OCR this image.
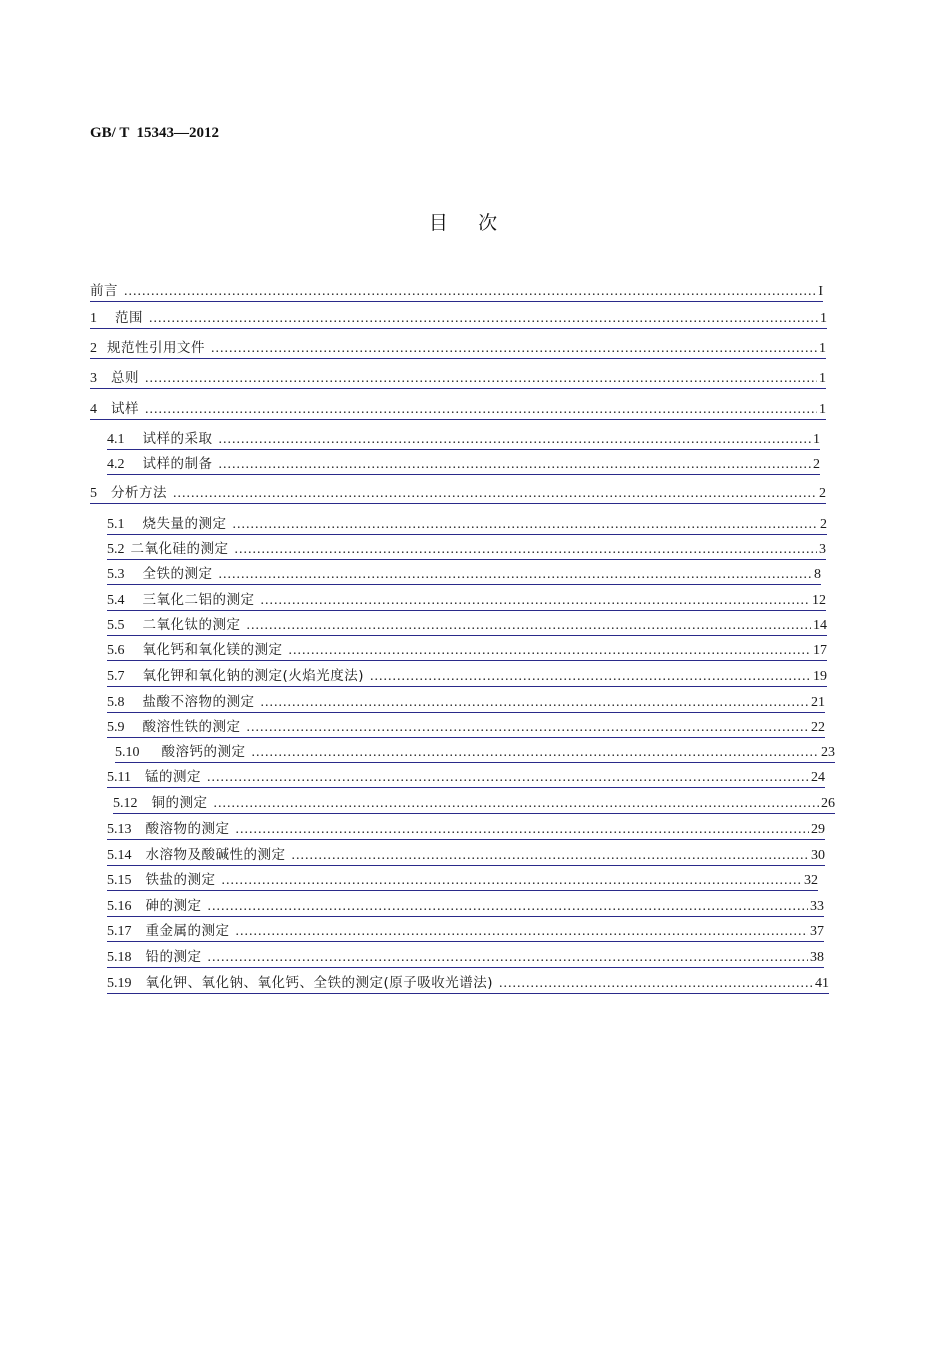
GB/ T  15343—2012
目     次
前言 .....	I
1 范围 .....	1
2 规范性引用文件 .....	1
3 总则 .....	1
4 试样 .....	1
4.1 试样的采取 .....	1
4.2 试样的制备 .....	2
5 分析方法 .....	2
5.1 烧失量的测定 .....	2
5.2 二氧化硅的测定 .....	3
5.3 全铁的测定 .....	8
5.4 三氧化二铝的测定 .....	12
5.5 二氧化钛的测定 .....	14
5.6 氧化钙和氧化镁的测定 .....	17
5.7 氧化钾和氧化钠的测定(火焰光度法) .....	19
5.8 盐酸不溶物的测定 .....	21
5.9 酸溶性铁的测定 .....	22
5.10 酸溶钙的测定 .....	23
5.11 锰的测定 .....	24
5.12 铜的测定 .....	26
5.13 酸溶物的测定 .....	29
5.14 水溶物及酸碱性的测定 .....	30
5.15 铁盐的测定 .....	32
5.16 砷的测定 .....	33
5.17 重金属的测定 .....	37
5.18 铅的测定 .....	38
5.19 氧化钾、氧化钠、氧化钙、全铁的测定(原子吸收光谱法) .....	41
